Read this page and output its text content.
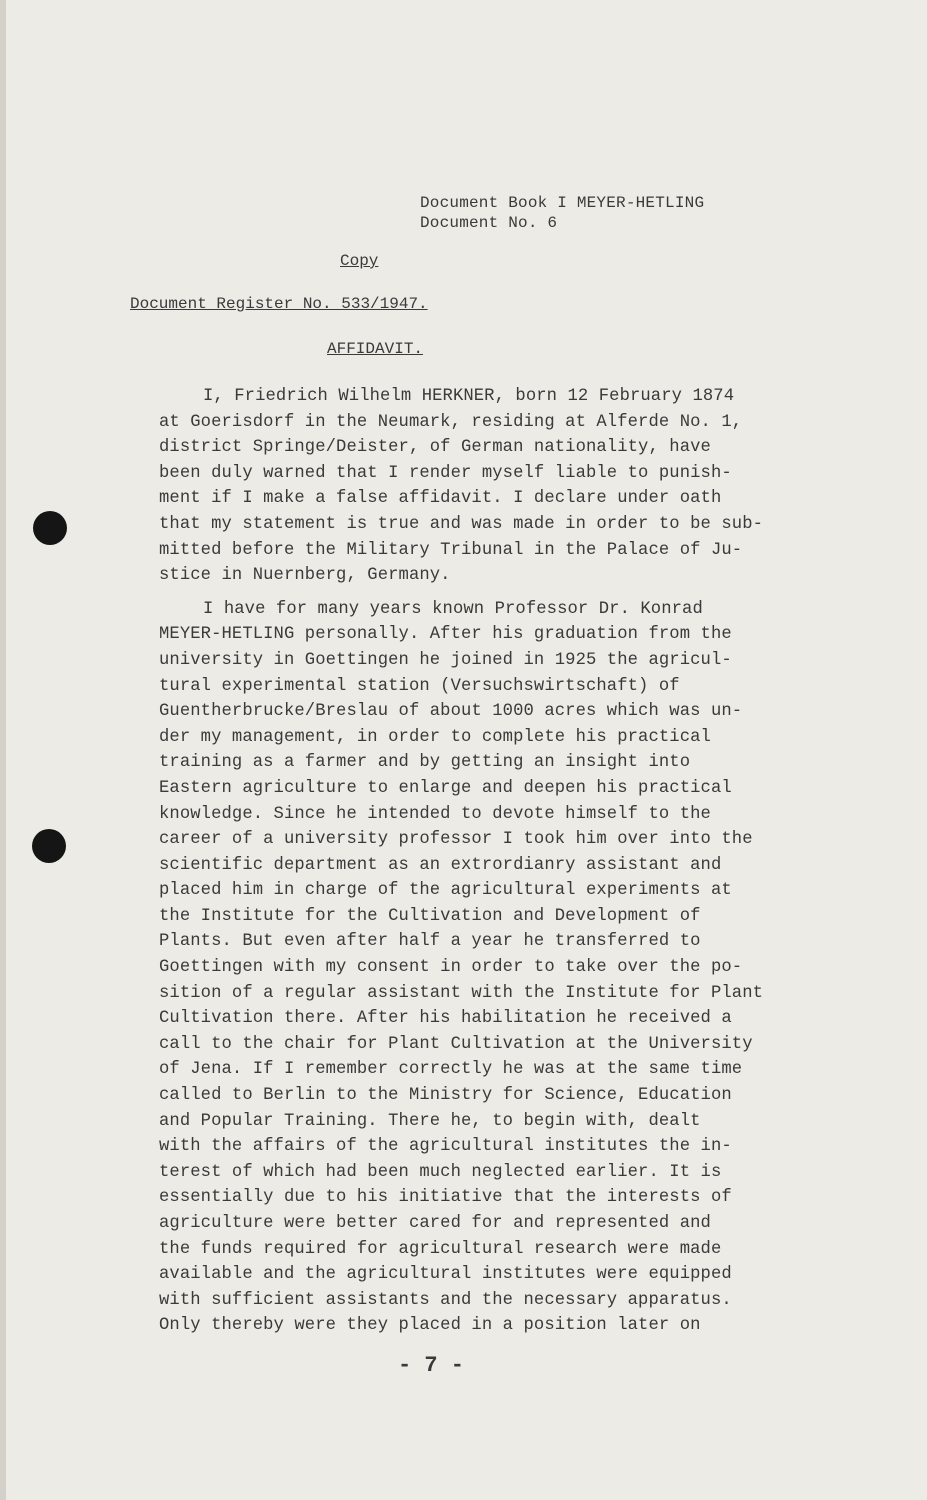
Document Book I MEYER-HETLING
Document No. 6
Copy
Document Register No. 533/1947.
AFFIDAVIT.
I, Friedrich Wilhelm HERKNER, born 12 February 1874
at Goerisdorf in the Neumark, residing at Alferde No. 1,
district Springe/Deister, of German nationality, have
been duly warned that I render myself liable to punish-
ment if I make a false affidavit. I declare under oath
that my statement is true and was made in order to be sub-
mitted before the Military Tribunal in the Palace of Ju-
stice in Nuernberg, Germany.
I have for many years known Professor Dr. Konrad
MEYER-HETLING personally. After his graduation from the
university in Goettingen he joined in 1925 the agricul-
tural experimental station (Versuchswirtschaft) of
Guentherbrucke/Breslau of about 1000 acres which was un-
der my management, in order to complete his practical
training as a farmer and by getting an insight into
Eastern agriculture to enlarge and deepen his practical
knowledge. Since he intended to devote himself to the
career of a university professor I took him over into the
scientific department as an extrordianry assistant and
placed him in charge of the agricultural experiments at
the Institute for the Cultivation and Development of
Plants. But even after half a year he transferred to
Goettingen with my consent in order to take over the po-
sition of a regular assistant with the Institute for Plant
Cultivation there. After his habilitation he received a
call to the chair for Plant Cultivation at the University
of Jena. If I remember correctly he was at the same time
called to Berlin to the Ministry for Science, Education
and Popular Training. There he, to begin with, dealt
with the affairs of the agricultural institutes the in-
terest of which had been much neglected earlier. It is
essentially due to his initiative that the interests of
agriculture were better cared for and represented and
the funds required for agricultural research were made
available and the agricultural institutes were equipped
with sufficient assistants and the necessary apparatus.
Only thereby were they placed in a position later on
- 7 -
